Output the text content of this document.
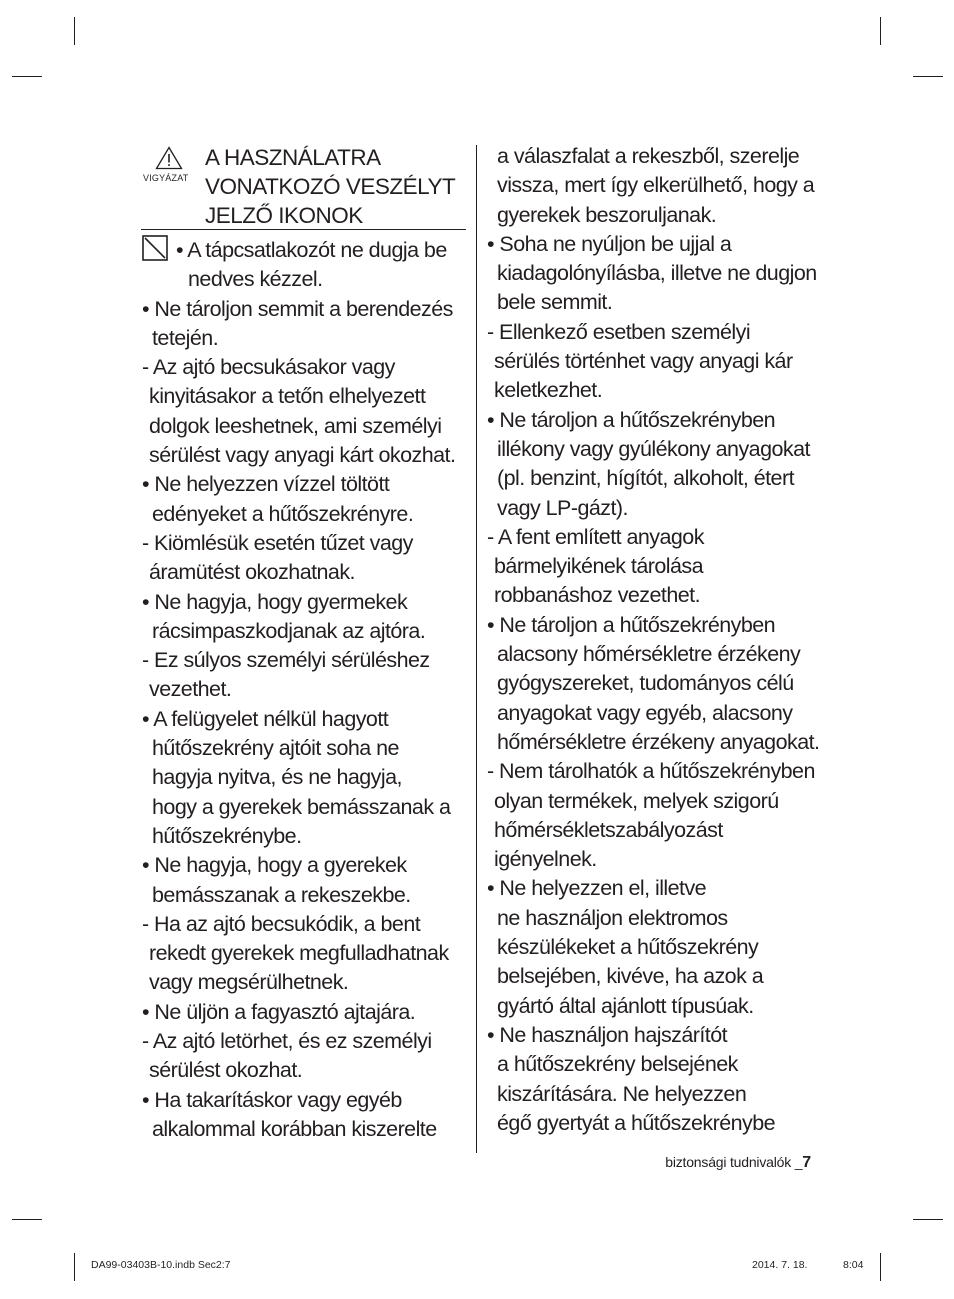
VIGYÁZAT
A HASZNÁLATRA
VONATKOZÓ VESZÉLYT
JELZŐ IKONOK
• A tápcsatlakozót ne dugja be
nedves kézzel.
• Ne tároljon semmit a berendezés
tetején.
- Az ajtó becsukásakor vagy
kinyitásakor a tetőn elhelyezett
dolgok leeshetnek, ami személyi
sérülést vagy anyagi kárt okozhat.
• Ne helyezzen vízzel töltött
edényeket a hűtőszekrényre.
- Kiömlésük esetén tűzet vagy
áramütést okozhatnak.
• Ne hagyja, hogy gyermekek
rácsimpaszkodjanak az ajtóra.
- Ez súlyos személyi sérüléshez
vezethet.
• A felügyelet nélkül hagyott
hűtőszekrény ajtóit soha ne
hagyja nyitva, és ne hagyja,
hogy a gyerekek bemásszanak a
hűtőszekrénybe.
• Ne hagyja, hogy a gyerekek
bemásszanak a rekeszekbe.
- Ha az ajtó becsukódik, a bent
rekedt gyerekek megfulladhatnak
vagy megsérülhetnek.
• Ne üljön a fagyasztó ajtajára.
- Az ajtó letörhet, és ez személyi
sérülést okozhat.
• Ha takarításkor vagy egyéb
alkalommal korábban kiszerelte
a válaszfalat a rekeszből, szerelje
vissza, mert így elkerülhető, hogy a
gyerekek beszoruljanak.
• Soha ne nyúljon be ujjal a
kiadagolónyílásba, illetve ne dugjon
bele semmit.
- Ellenkező esetben személyi
sérülés történhet vagy anyagi kár
keletkezhet.
• Ne tároljon a hűtőszekrényben
illékony vagy gyúlékony anyagokat
(pl. benzint, hígítót, alkoholt, étert
vagy LP-gázt).
- A fent említett anyagok
bármelyikének tárolása
robbanáshoz vezethet.
• Ne tároljon a hűtőszekrényben
alacsony hőmérsékletre érzékeny
gyógyszereket, tudományos célú
anyagokat vagy egyéb, alacsony
hőmérsékletre érzékeny anyagokat.
- Nem tárolhatók a hűtőszekrényben
olyan termékek, melyek szigorú
hőmérsékletszabályozást
igényelnek.
• Ne helyezzen el, illetve
ne használjon elektromos
készülékeket a hűtőszekrény
belsejében, kivéve, ha azok a
gyártó által ajánlott típusúak.
• Ne használjon hajszárítót
a hűtőszekrény belsejének
kiszárítására. Ne helyezzen
égő gyertyát a hűtőszekrénybe
biztonsági tudnivalók _7
DA99-03403B-10.indb Sec2:7	2014. 7. 18.	8:04
